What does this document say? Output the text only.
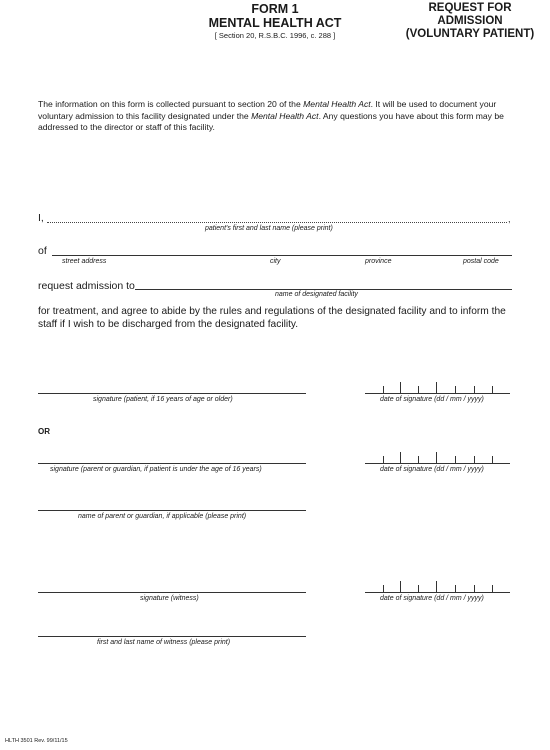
FORM 1
MENTAL HEALTH ACT
[ Section 20, R.S.B.C. 1996, c. 288 ]
REQUEST FOR ADMISSION
(VOLUNTARY PATIENT)
The information on this form is collected pursuant to section 20 of the Mental Health Act. It will be used to document your voluntary admission to this facility designated under the Mental Health Act. Any questions you have about this form may be addressed to the director or staff of this facility.
I,	,
patient's first and last name (please print)
of
street address	city	province	postal code
request admission to
name of designated facility
for treatment, and agree to abide by the rules and regulations of the designated facility and to inform the staff if I wish to be discharged from the designated facility.
signature (patient, if 16 years of age or older)	date of signature (dd / mm / yyyy)
OR
signature (parent or guardian, if patient is under the age of 16 years)	date of signature (dd / mm / yyyy)
name of parent or guardian, if applicable (please print)
signature (witness)	date of signature (dd / mm / yyyy)
first and last name of witness (please print)
HLTH 3501 Rev. 99/11/15
